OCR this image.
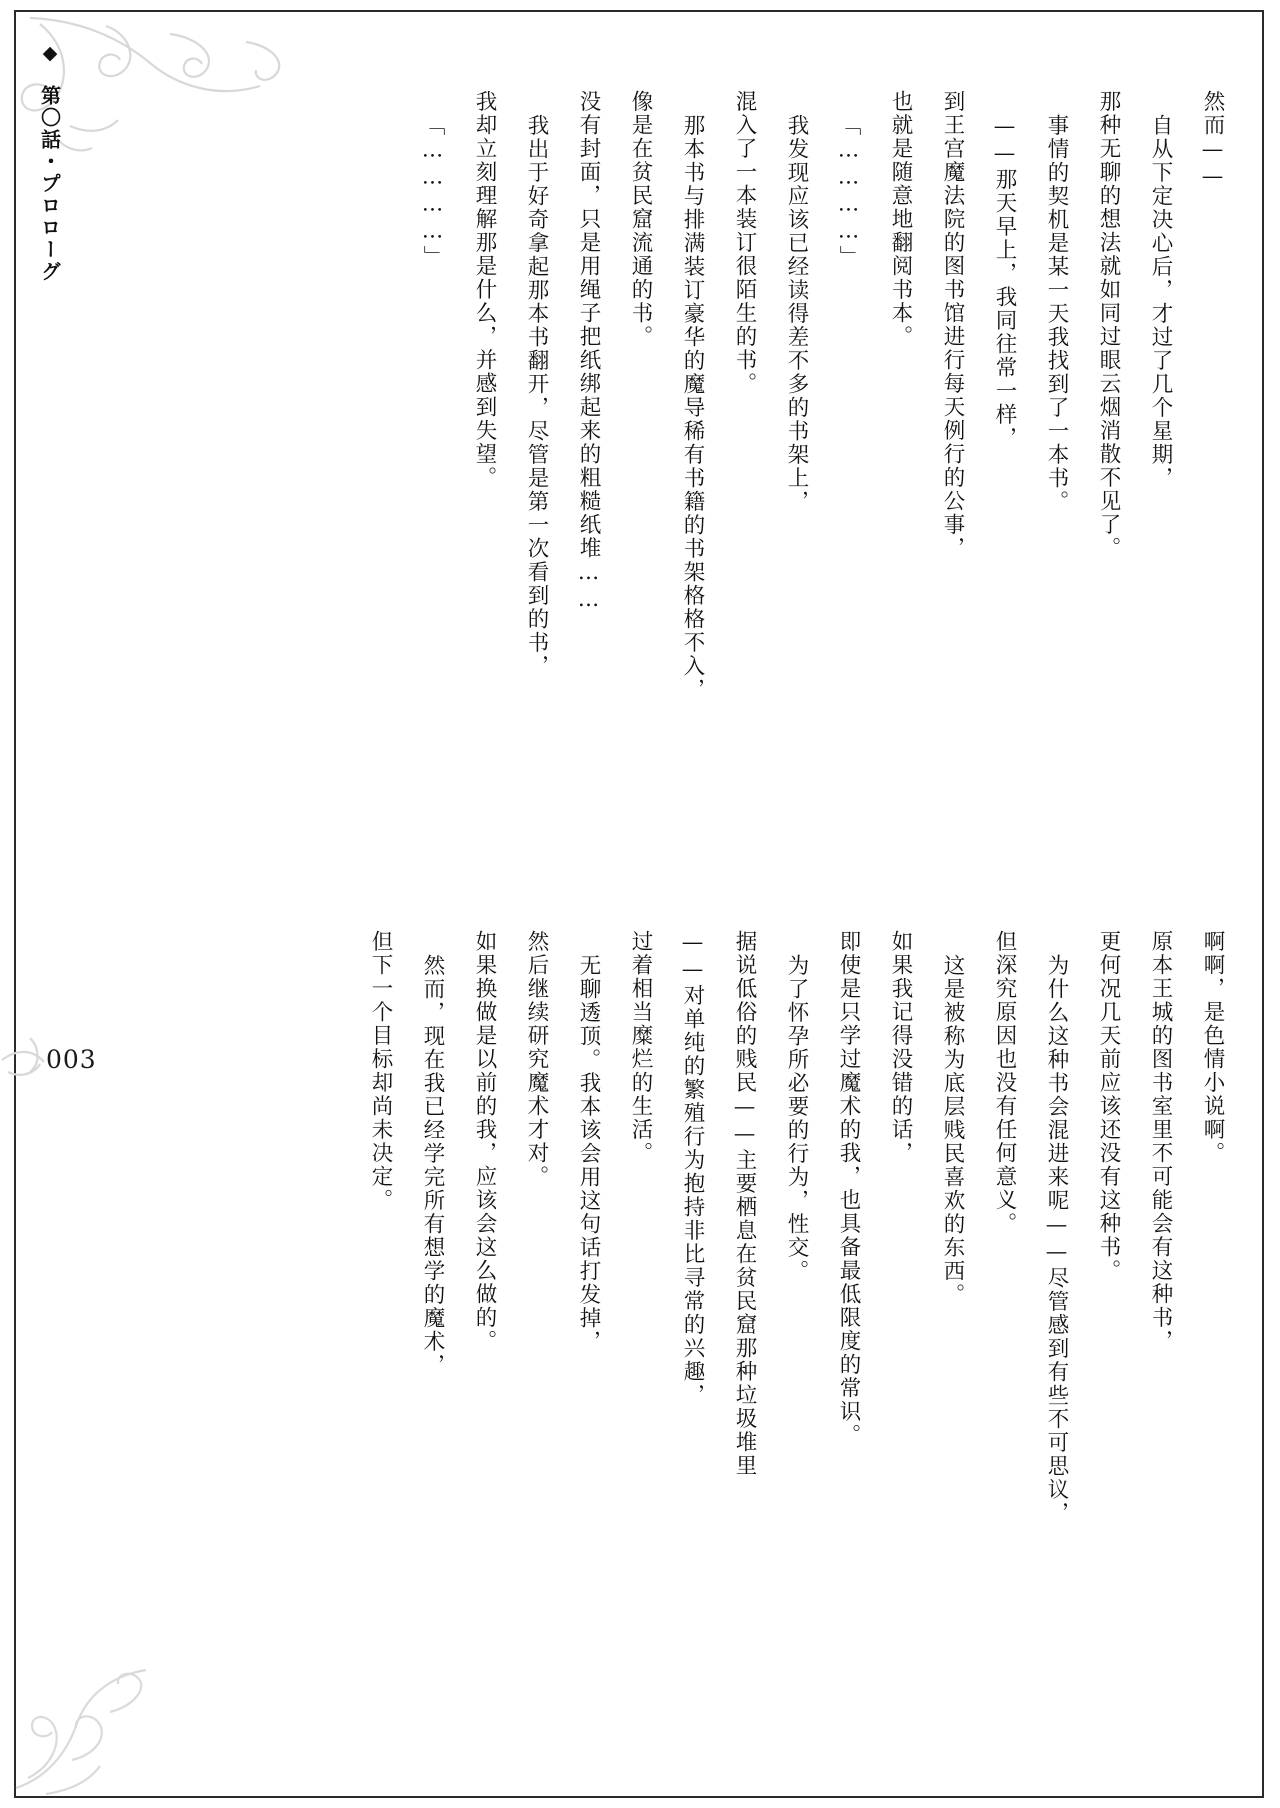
◆
第〇話・プロローグ
003

然而——

自从下定决心后，才过了几个星期，

那种无聊的想法就如同过眼云烟消散不见了。

事情的契机是某一天我找到了一本书。

——那天早上，我同往常一样，

到王宫魔法院的图书馆进行每天例行的公事，

也就是随意地翻阅书本。

「…………」

我发现应该已经读得差不多的书架上，

混入了一本装订很陌生的书。

那本书与排满装订豪华的魔导稀有书籍的书架格格不入，

像是在贫民窟流通的书。

没有封面，只是用绳子把纸绑起来的粗糙纸堆……

我出于好奇拿起那本书翻开，尽管是第一次看到的书，

我却立刻理解那是什么，并感到失望。

「…………」

啊啊，是色情小说啊。

原本王城的图书室里不可能会有这种书，

更何况几天前应该还没有这种书。

为什么这种书会混进来呢——尽管感到有些不可思议，

但深究原因也没有任何意义。

这是被称为底层贱民喜欢的东西。

如果我记得没错的话，

即使是只学过魔术的我，也具备最低限度的常识。

为了怀孕所必要的行为，性交。

据说低俗的贱民——主要栖息在贫民窟那种垃圾堆里

——对单纯的繁殖行为抱持非比寻常的兴趣，

过着相当糜烂的生活。

无聊透顶。我本该会用这句话打发掉，

然后继续研究魔术才对。

如果换做是以前的我，应该会这么做的。

然而，现在我已经学完所有想学的魔术，

但下一个目标却尚未决定。
